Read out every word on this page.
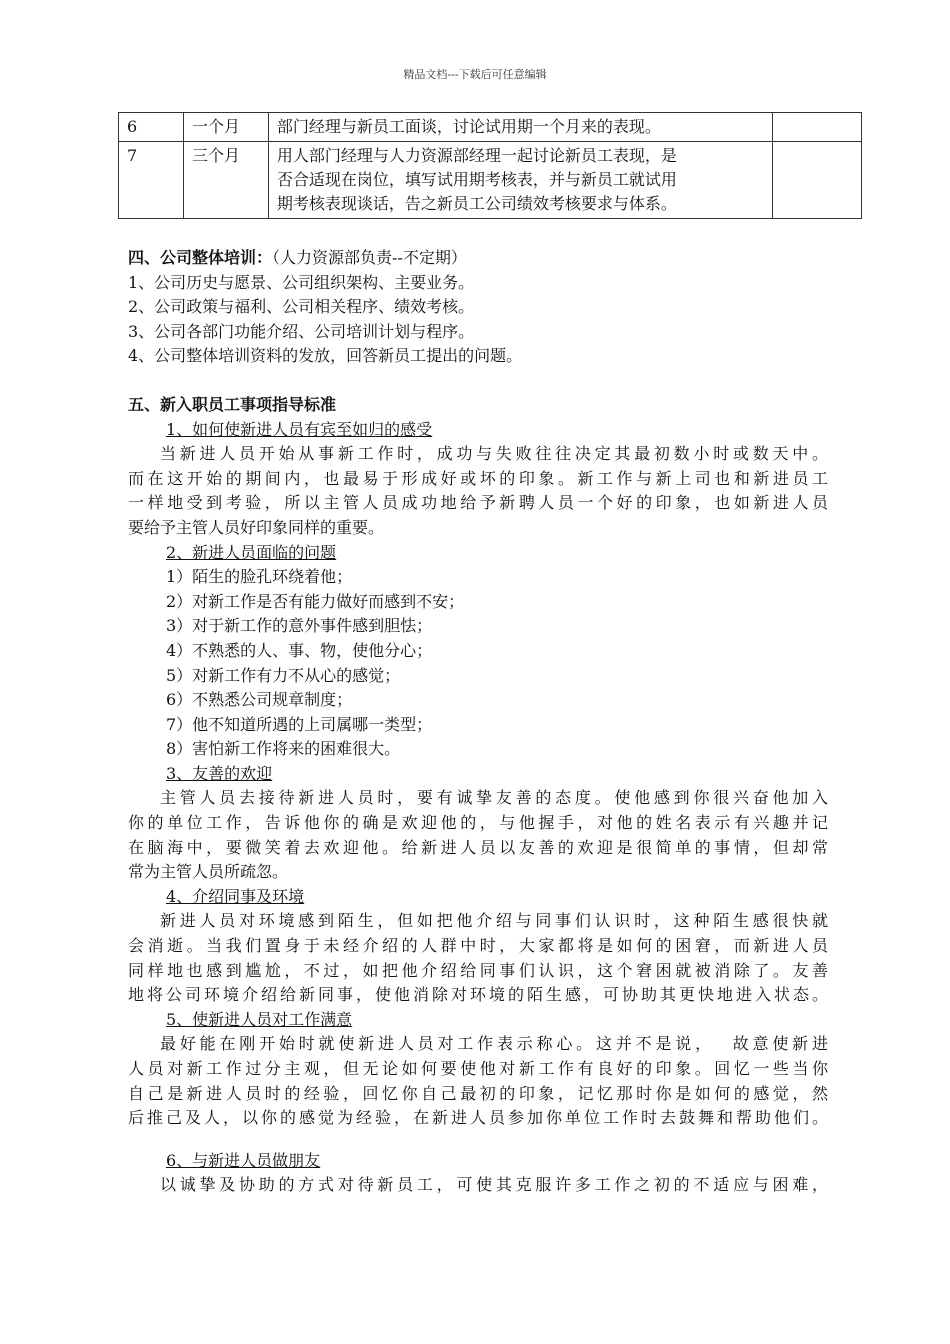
精品文档---下载后可任意编辑
6	一个月	部门经理与新员工面谈，讨论试用期一个月来的表现。	

7	三个月	用人部门经理与人力资源部经理一起讨论新员工表现，是
否合适现在岗位，填写试用期考核表，并与新员工就试用
期考核表现谈话，告之新员工公司绩效考核要求与体系。	

四、公司整体培训：（人力资源部负责--不定期）
1、公司历史与愿景、公司组织架构、主要业务。
2、公司政策与福利、公司相关程序、绩效考核。
3、公司各部门功能介绍、公司培训计划与程序。
4、公司整体培训资料的发放，回答新员工提出的问题。
五、新入职员工事项指导标准
1、如何使新进人员有宾至如归的感受
当新进人员开始从事新工作时，成功与失败往往决定其最初数小时或数天中。
而在这开始的期间内，也最易于形成好或坏的印象。新工作与新上司也和新进员工
一样地受到考验，所以主管人员成功地给予新聘人员一个好的印象，也如新进人员
要给予主管人员好印象同样的重要。
2、新进人员面临的问题
1）陌生的脸孔环绕着他；
2）对新工作是否有能力做好而感到不安；
3）对于新工作的意外事件感到胆怯；
4）不熟悉的人、事、物，使他分心；
5）对新工作有力不从心的感觉；
6）不熟悉公司规章制度；
7）他不知道所遇的上司属哪一类型；
8）害怕新工作将来的困难很大。
3、友善的欢迎
主管人员去接待新进人员时，要有诚挚友善的态度。使他感到你很兴奋他加入
你的单位工作，告诉他你的确是欢迎他的，与他握手，对他的姓名表示有兴趣并记
在脑海中，要微笑着去欢迎他。给新进人员以友善的欢迎是很简单的事情，但却常
常为主管人员所疏忽。
4、介绍同事及环境
新进人员对环境感到陌生，但如把他介绍与同事们认识时，这种陌生感很快就
会消逝。当我们置身于未经介绍的人群中时，大家都将是如何的困窘，而新进人员
同样地也感到尴尬，不过，如把他介绍给同事们认识，这个窘困就被消除了。友善
地将公司环境介绍给新同事，使他消除对环境的陌生感，可协助其更快地进入状态。
5、使新进人员对工作满意
最好能在刚开始时就使新进人员对工作表示称心。这并不是说，  故意使新进
人员对新工作过分主观，但无论如何要使他对新工作有良好的印象。回忆一些当你
自己是新进人员时的经验，回忆你自己最初的印象，记忆那时你是如何的感觉，然
后推己及人，以你的感觉为经验，在新进人员参加你单位工作时去鼓舞和帮助他们。
6、与新进人员做朋友
以诚挚及协助的方式对待新员工，可使其克服许多工作之初的不适应与困难，
